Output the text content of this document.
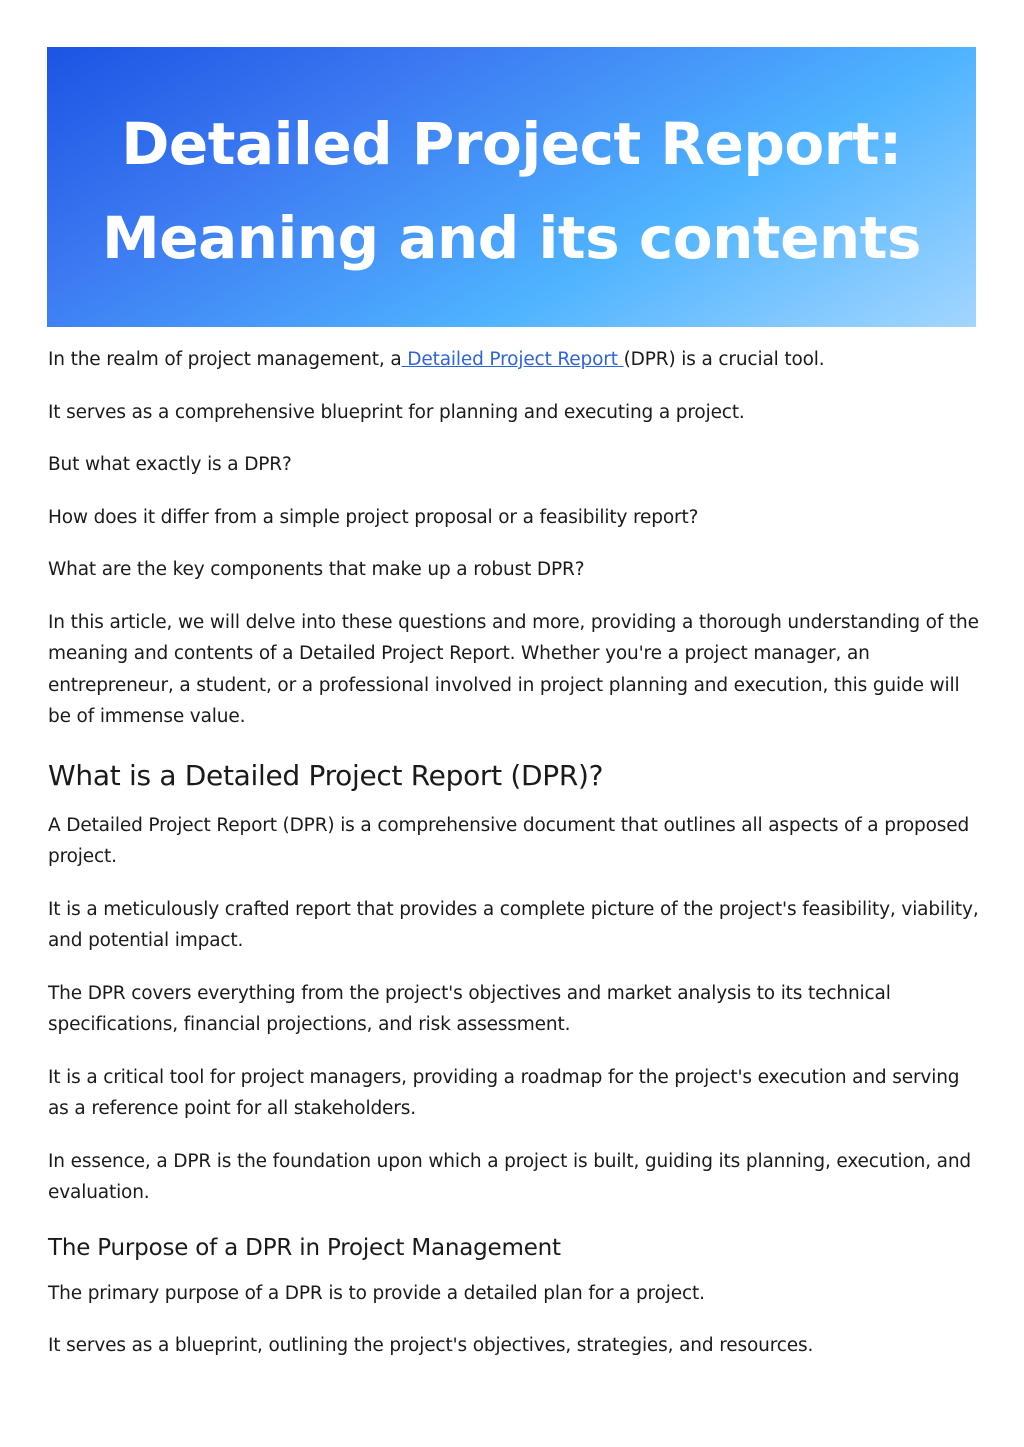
Detailed Project Report:
Meaning and its contents

In the realm of project management, a Detailed Project Report (DPR) is a crucial tool.

It serves as a comprehensive blueprint for planning and executing a project.

But what exactly is a DPR?

How does it differ from a simple project proposal or a feasibility report?

What are the key components that make up a robust DPR?

In this article, we will delve into these questions and more, providing a thorough understanding of the meaning and contents of a Detailed Project Report. Whether you're a project manager, an entrepreneur, a student, or a professional involved in project planning and execution, this guide will be of immense value.

What is a Detailed Project Report (DPR)?

A Detailed Project Report (DPR) is a comprehensive document that outlines all aspects of a proposed project.

It is a meticulously crafted report that provides a complete picture of the project's feasibility, viability, and potential impact.

The DPR covers everything from the project's objectives and market analysis to its technical specifications, financial projections, and risk assessment.

It is a critical tool for project managers, providing a roadmap for the project's execution and serving as a reference point for all stakeholders.

In essence, a DPR is the foundation upon which a project is built, guiding its planning, execution, and evaluation.

The Purpose of a DPR in Project Management

The primary purpose of a DPR is to provide a detailed plan for a project.

It serves as a blueprint, outlining the project's objectives, strategies, and resources.
